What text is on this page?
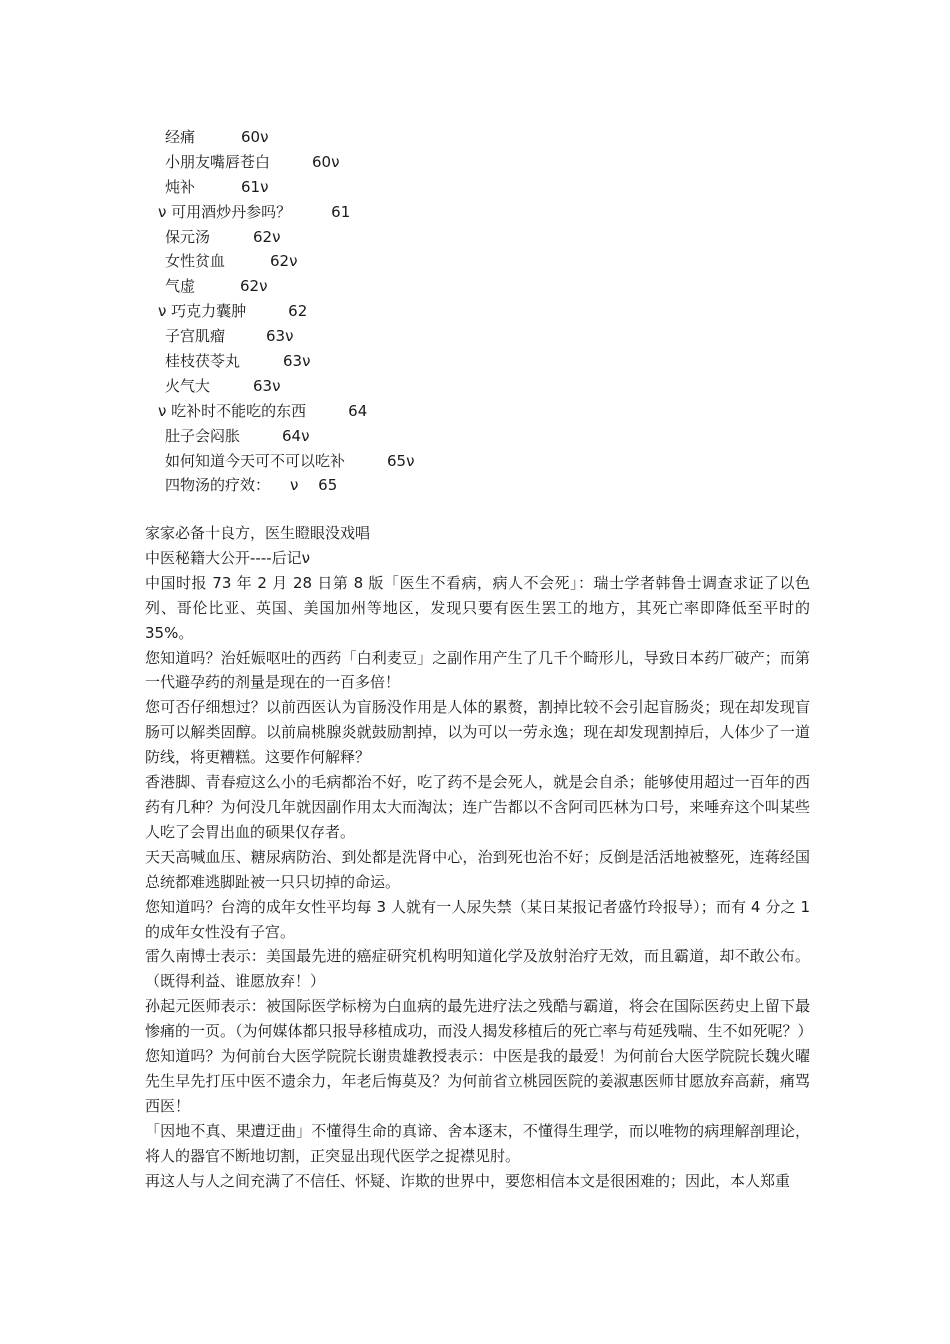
经痛	60ν
小朋友嘴唇苍白	60ν
炖补	61ν
ν 可用酒炒丹参吗？	61
保元汤	62ν
女性贫血	62ν
气虚	62ν
ν 巧克力囊肿	62
子宫肌瘤	63ν
桂枝茯苓丸	63ν
火气大	63ν
ν 吃补时不能吃的东西	64
肚子会闷胀	64ν
如何知道今天可不可以吃补	65ν
四物汤的疗效： ν　 65

家家必备十良方，医生瞪眼没戏唱

中医秘籍大公开----后记ν

中国时报 73 年 2 月 28 日第 8 版「医生不看病，病人不会死」：瑞士学者韩鲁士调查求证了以色列、哥伦比亚、英国、美国加州等地区，发现只要有医生罢工的地方，其死亡率即降低至平时的 35%。

您知道吗？治妊娠呕吐的西药「白利麦豆」之副作用产生了几千个畸形儿，导致日本药厂破产；而第一代避孕药的剂量是现在的一百多倍！

您可否仔细想过？以前西医认为盲肠没作用是人体的累赘，割掉比较不会引起盲肠炎；现在却发现盲肠可以解类固醇。以前扁桃腺炎就鼓励割掉，以为可以一劳永逸；现在却发现割掉后，人体少了一道防线，将更糟糕。这要作何解释？

香港脚、青春痘这么小的毛病都治不好，吃了药不是会死人，就是会自杀；能够使用超过一百年的西药有几种？为何没几年就因副作用太大而淘汰；连广告都以不含阿司匹林为口号，来唾弃这个叫某些人吃了会胃出血的硕果仅存者。

天天高喊血压、糖尿病防治、到处都是洗肾中心，治到死也治不好；反倒是活活地被整死，连蒋经国总统都难逃脚趾被一只只切掉的命运。

您知道吗？台湾的成年女性平均每 3 人就有一人尿失禁（某日某报记者盛竹玲报导）；而有 4 分之 1 的成年女性没有子宫。

雷久南博士表示：美国最先进的癌症研究机构明知道化学及放射治疗无效，而且霸道，却不敢公布。（既得利益、谁愿放弃！）

孙起元医师表示：被国际医学标榜为白血病的最先进疗法之残酷与霸道，将会在国际医药史上留下最惨痛的一页。（为何媒体都只报导移植成功，而没人揭发移植后的死亡率与苟延残喘、生不如死呢？）

您知道吗？为何前台大医学院院长谢贵雄教授表示：中医是我的最爱！为何前台大医学院院长魏火曜先生早先打压中医不遗余力，年老后悔莫及？为何前省立桃园医院的姜淑惠医师甘愿放弃高薪，痛骂西医！

「因地不真、果遭迂曲」不懂得生命的真谛、舍本逐末，不懂得生理学，而以唯物的病理解剖理论，将人的器官不断地切割，正突显出现代医学之捉襟见肘。

再这人与人之间充满了不信任、怀疑、诈欺的世界中，要您相信本文是很困难的；因此，本人郑重
